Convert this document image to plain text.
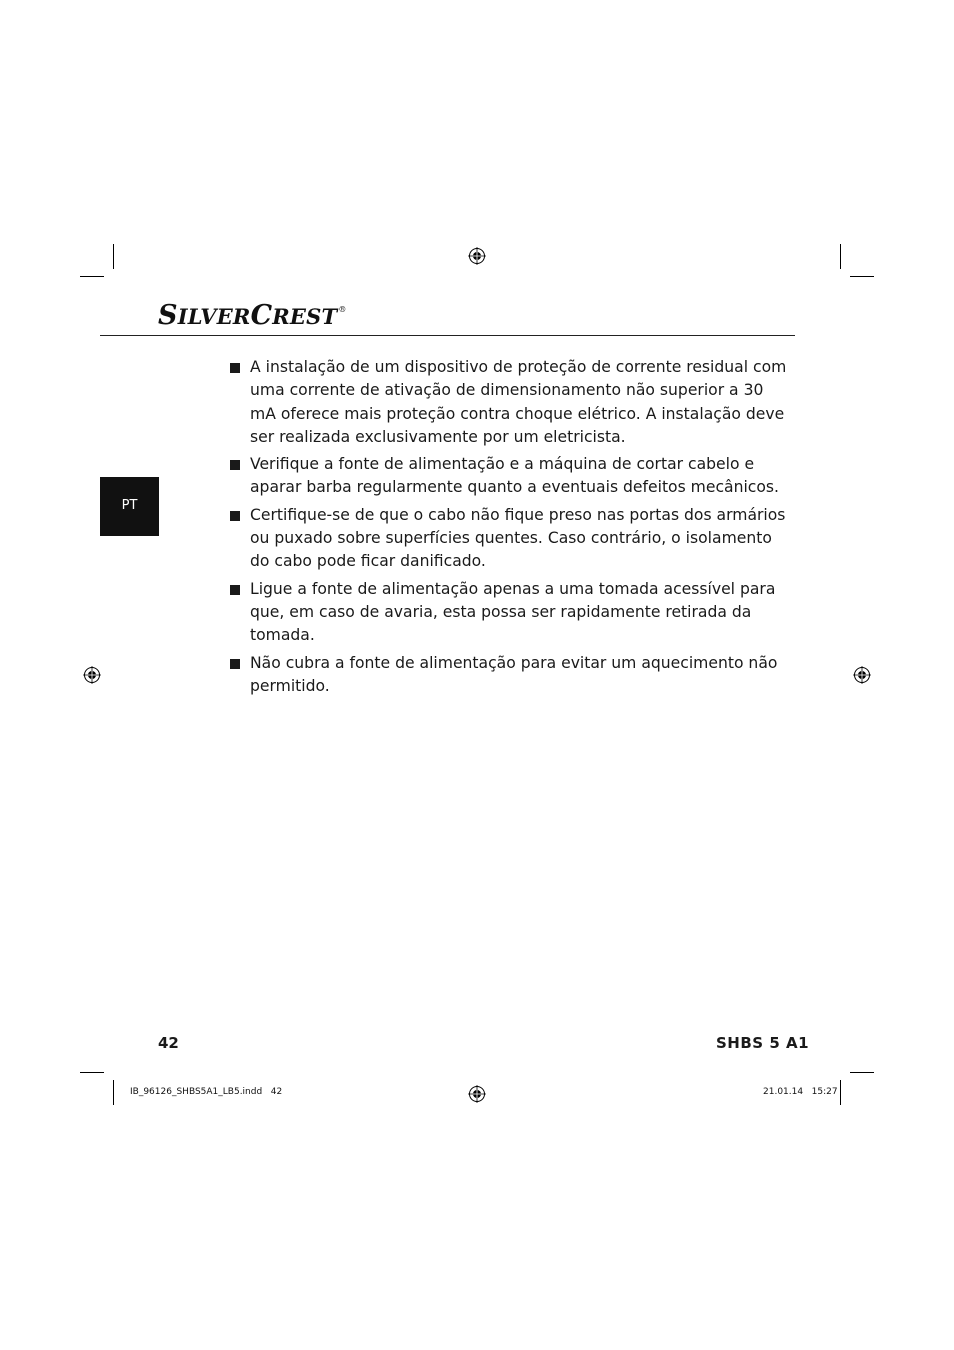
SILVERCREST®
PT
A instalação de um dispositivo de proteção de corrente residual com uma corrente de ativação de dimensionamento não superior a 30 mA oferece mais proteção contra choque elétrico. A instalação deve ser realizada exclusivamente por um eletricista.
Verifique a fonte de alimentação e a máquina de cortar cabelo e aparar barba regularmente quanto a eventuais defeitos mecânicos.
Certifique-se de que o cabo não fique preso nas portas dos armários ou puxado sobre superfícies quentes. Caso contrário, o isolamento do cabo pode ficar danificado.
Ligue a fonte de alimentação apenas a uma tomada acessível para que, em caso de avaria, esta possa ser rapidamente retirada da tomada.
Não cubra a fonte de alimentação para evitar um aquecimento não permitido.
42	SHBS 5 A1
IB_96126_SHBS5A1_LB5.indd   42	21.01.14   15:27
